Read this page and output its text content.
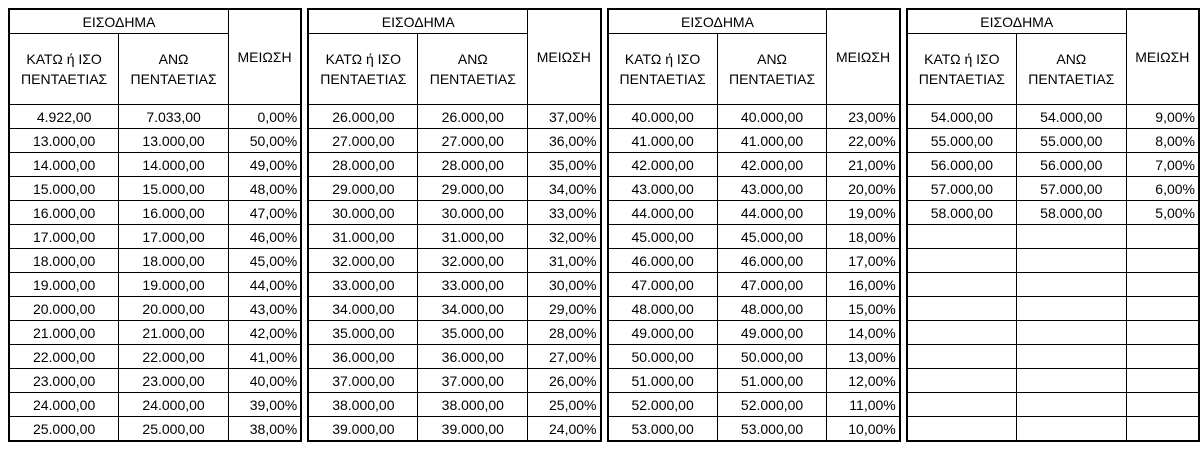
ΕΙΣΟΔΗΜΑ		ΜΕΙΩΣΗ

ΚΑΤΩ ή ΙΣΟ
ΠΕΝΤΑΕΤΙΑΣ	ΑΝΩ
ΠΕΝΤΑΕΤΙΑΣ	

4.922,00	7.033,00	0,00%
13.000,00	13.000,00	50,00%
14.000,00	14.000,00	49,00%
15.000,00	15.000,00	48,00%
16.000,00	16.000,00	47,00%
17.000,00	17.000,00	46,00%
18.000,00	18.000,00	45,00%
19.000,00	19.000,00	44,00%
20.000,00	20.000,00	43,00%
21.000,00	21.000,00	42,00%
22.000,00	22.000,00	41,00%
23.000,00	23.000,00	40,00%
24.000,00	24.000,00	39,00%
25.000,00	25.000,00	38,00%
ΕΙΣΟΔΗΜΑ		ΜΕΙΩΣΗ

ΚΑΤΩ ή ΙΣΟ
ΠΕΝΤΑΕΤΙΑΣ	ΑΝΩ
ΠΕΝΤΑΕΤΙΑΣ	

26.000,00	26.000,00	37,00%
27.000,00	27.000,00	36,00%
28.000,00	28.000,00	35,00%
29.000,00	29.000,00	34,00%
30.000,00	30.000,00	33,00%
31.000,00	31.000,00	32,00%
32.000,00	32.000,00	31,00%
33.000,00	33.000,00	30,00%
34.000,00	34.000,00	29,00%
35.000,00	35.000,00	28,00%
36.000,00	36.000,00	27,00%
37.000,00	37.000,00	26,00%
38.000,00	38.000,00	25,00%
39.000,00	39.000,00	24,00%
ΕΙΣΟΔΗΜΑ		ΜΕΙΩΣΗ

ΚΑΤΩ ή ΙΣΟ
ΠΕΝΤΑΕΤΙΑΣ	ΑΝΩ
ΠΕΝΤΑΕΤΙΑΣ	

40.000,00	40.000,00	23,00%
41.000,00	41.000,00	22,00%
42.000,00	42.000,00	21,00%
43.000,00	43.000,00	20,00%
44.000,00	44.000,00	19,00%
45.000,00	45.000,00	18,00%
46.000,00	46.000,00	17,00%
47.000,00	47.000,00	16,00%
48.000,00	48.000,00	15,00%
49.000,00	49.000,00	14,00%
50.000,00	50.000,00	13,00%
51.000,00	51.000,00	12,00%
52.000,00	52.000,00	11,00%
53.000,00	53.000,00	10,00%
ΕΙΣΟΔΗΜΑ		ΜΕΙΩΣΗ

ΚΑΤΩ ή ΙΣΟ
ΠΕΝΤΑΕΤΙΑΣ	ΑΝΩ
ΠΕΝΤΑΕΤΙΑΣ	

54.000,00	54.000,00	9,00%
55.000,00	55.000,00	8,00%
56.000,00	56.000,00	7,00%
57.000,00	57.000,00	6,00%
58.000,00	58.000,00	5,00%
